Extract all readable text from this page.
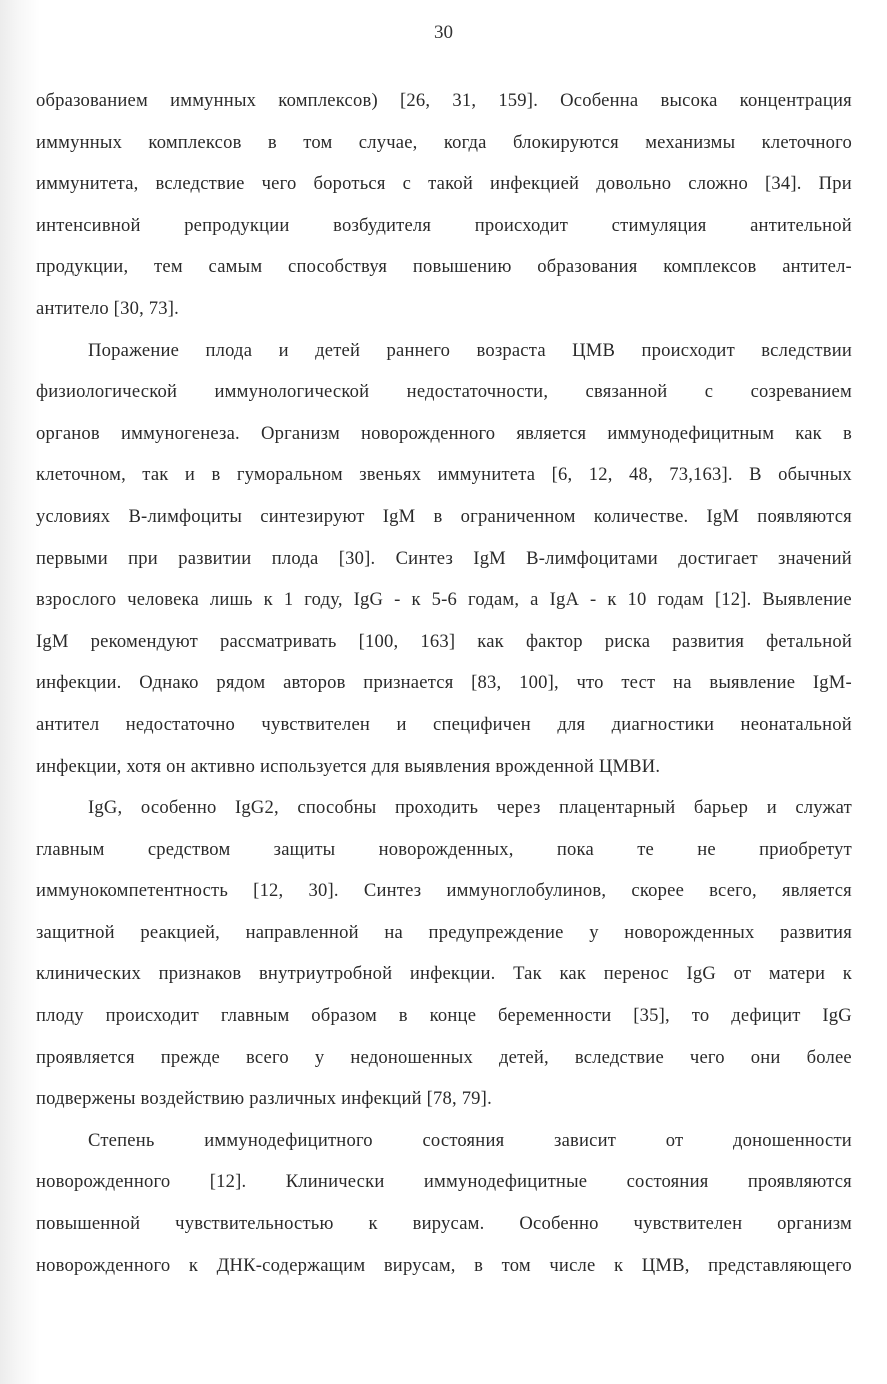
30

образованием иммунных комплексов) [26, 31, 159]. Особенна высока концентрация
иммунных комплексов в том случае, когда блокируются механизмы клеточного
иммунитета, вследствие чего бороться с такой инфекцией довольно сложно [34]. При
интенсивной репродукции возбудителя происходит стимуляция антительной
продукции, тем самым способствуя повышению образования комплексов антител-
антитело [30, 73].

Поражение плода и детей раннего возраста ЦМВ происходит вследствии
физиологической иммунологической недостаточности, связанной с созреванием
органов иммуногенеза. Организм новорожденного является иммунодефицитным как в
клеточном, так и в гуморальном звеньях иммунитета [6, 12, 48, 73,163]. В обычных
условиях В-лимфоциты синтезируют IgM в ограниченном количестве. IgM появляются
первыми при развитии плода [30]. Синтез IgM В-лимфоцитами достигает значений
взрослого человека лишь к 1 году, IgG - к 5-6 годам, а IgA - к 10 годам [12]. Выявление
IgM рекомендуют рассматривать [100, 163] как фактор риска развития фетальной
инфекции. Однако рядом авторов признается [83, 100], что тест на выявление IgM-
антител недостаточно чувствителен и специфичен для диагностики неонатальной
инфекции, хотя он активно используется для выявления врожденной ЦМВИ.

IgG, особенно IgG2, способны проходить через плацентарный барьер и служат
главным средством защиты новорожденных, пока те не приобретут
иммунокомпетентность [12, 30]. Синтез иммуноглобулинов, скорее всего, является
защитной реакцией, направленной на предупреждение у новорожденных развития
клинических признаков внутриутробной инфекции. Так как перенос IgG от матери к
плоду происходит главным образом в конце беременности [35], то дефицит IgG
проявляется прежде всего у недоношенных детей, вследствие чего они более
подвержены воздействию различных инфекций [78, 79].

Степень	иммунодефицитного	состояния	зависит	от	доношенности
новорожденного [12]. Клинически иммунодефицитные состояния проявляются
повышенной чувствительностью к вирусам. Особенно чувствителен организм
новорожденного к ДНК-содержащим вирусам, в том числе к ЦМВ, представляющего
